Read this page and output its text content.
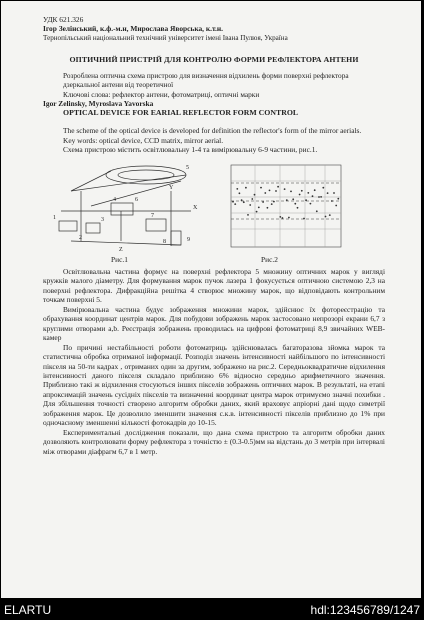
УДК 621.326
Ігор Зелінський, к.ф.-м.н, Мирослава Яворська, к.т.н.
Тернопільський національний технічний університет імені Івана Пулюя, Україна
ОПТИЧНИЙ ПРИСТРІЙ ДЛЯ КОНТРОЛЮ ФОРМИ РЕФЛЕКТОРА АНТЕНИ
Розроблена оптична схема пристрою для визначення відхилень форми поверхні рефлектора дзеркальної антени від теоретичної
Ключові слова: рефлектор антени, фотоматриці, оптичні марки
Igor Zelinsky, Myroslava Yavorska
OPTICAL DEVICE FOR EARIAL REFLECTOR FORM CONTROL

The scheme of the optical device is developed for definition the reflector's form of the mirror aerials.

Key words: optical device, CCD matrix, mirror aerial.
Схема пристрою містить освітлювальну 1-4 та вимірювальну 6-9 частини, рис.1.
5
1
2
3
4	6
7
8	9
X
Y
Z
Рис.1	Рис.2

Освітлювальна частина формує на поверхні рефлектора 5 множину оптичних марок у вигляді кружків малого діаметру. Для формування марок пучок лазера 1 фокусується оптичною системою 2,3 на поверхні рефлектора. Дифракційна решітка 4 створює множину марок, що відповідають контрольним точкам поверхні 5.

Вимірювальна частина будує зображення множини марок, здійснює їх фотореєстрацію та обрахування координат центрів марок. Для побудови зображень марок застосовано непрозорі екрани 6,7 з круглими отворами a,b. Реєстрація зображень проводилась на цифрові фотоматриці 8,9 звичайних WEB-камер

По причині нестабільності роботи фотоматриць здійснювалась багаторазова зйомка марок та статистична обробка отриманої інформації. Розподіл значень інтенсивності найбільшого по інтенсивності пікселя на 50-ти кадрах , отриманих один за другим, зображено на рис.2. Середньоквадратичне відхилення інтенсивності даного пікселя складало приблизно 6% відносно середньо арифметичного значення. Приблизно такі ж відхилення стосуються інших пікселів зображень оптичних марок. В результаті, на етапі апроксимацій значень сусідніх пікселів та визначенні координат центра марок отримуємо значні похибки . Для збільшення точності створено алгоритм обробки даних, який враховує апріорні дані щодо симетрії зображення марок. Це дозволило зменшити значення с.к.в. інтенсивності пікселів приблизно до 1% при одночасному зменшенні кількості фотокадрів до 10-15.

Експериментальні дослідження показали, що дана схема пристрою та алгоритм обробки даних дозволяють контролювати форму рефлектора з точністю ± (0.3-0.5)мм на відстань до 3 метрів при інтервалі між отворами діафрагм 6,7 в 1 метр.

ELARTU	hdl:123456789/1247
